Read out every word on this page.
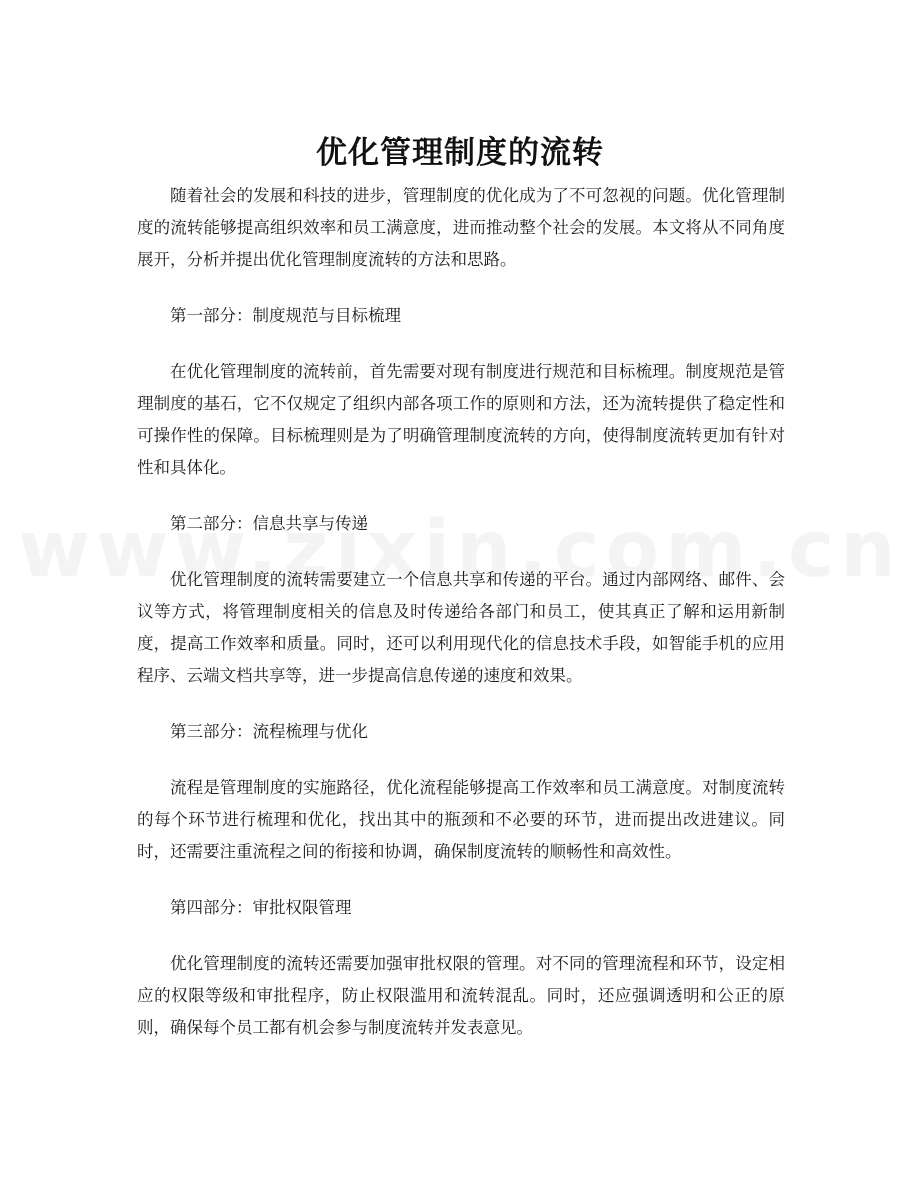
优化管理制度的流转

随着社会的发展和科技的进步，管理制度的优化成为了不可忽视的问题。优化管理制度的流转能够提高组织效率和员工满意度，进而推动整个社会的发展。本文将从不同角度展开，分析并提出优化管理制度流转的方法和思路。

第一部分：制度规范与目标梳理

在优化管理制度的流转前，首先需要对现有制度进行规范和目标梳理。制度规范是管理制度的基石，它不仅规定了组织内部各项工作的原则和方法，还为流转提供了稳定性和可操作性的保障。目标梳理则是为了明确管理制度流转的方向，使得制度流转更加有针对性和具体化。

第二部分：信息共享与传递

优化管理制度的流转需要建立一个信息共享和传递的平台。通过内部网络、邮件、会议等方式，将管理制度相关的信息及时传递给各部门和员工，使其真正了解和运用新制度，提高工作效率和质量。同时，还可以利用现代化的信息技术手段，如智能手机的应用程序、云端文档共享等，进一步提高信息传递的速度和效果。

第三部分：流程梳理与优化

流程是管理制度的实施路径，优化流程能够提高工作效率和员工满意度。对制度流转的每个环节进行梳理和优化，找出其中的瓶颈和不必要的环节，进而提出改进建议。同时，还需要注重流程之间的衔接和协调，确保制度流转的顺畅性和高效性。

第四部分：审批权限管理

优化管理制度的流转还需要加强审批权限的管理。对不同的管理流程和环节，设定相应的权限等级和审批程序，防止权限滥用和流转混乱。同时，还应强调透明和公正的原则，确保每个员工都有机会参与制度流转并发表意见。
